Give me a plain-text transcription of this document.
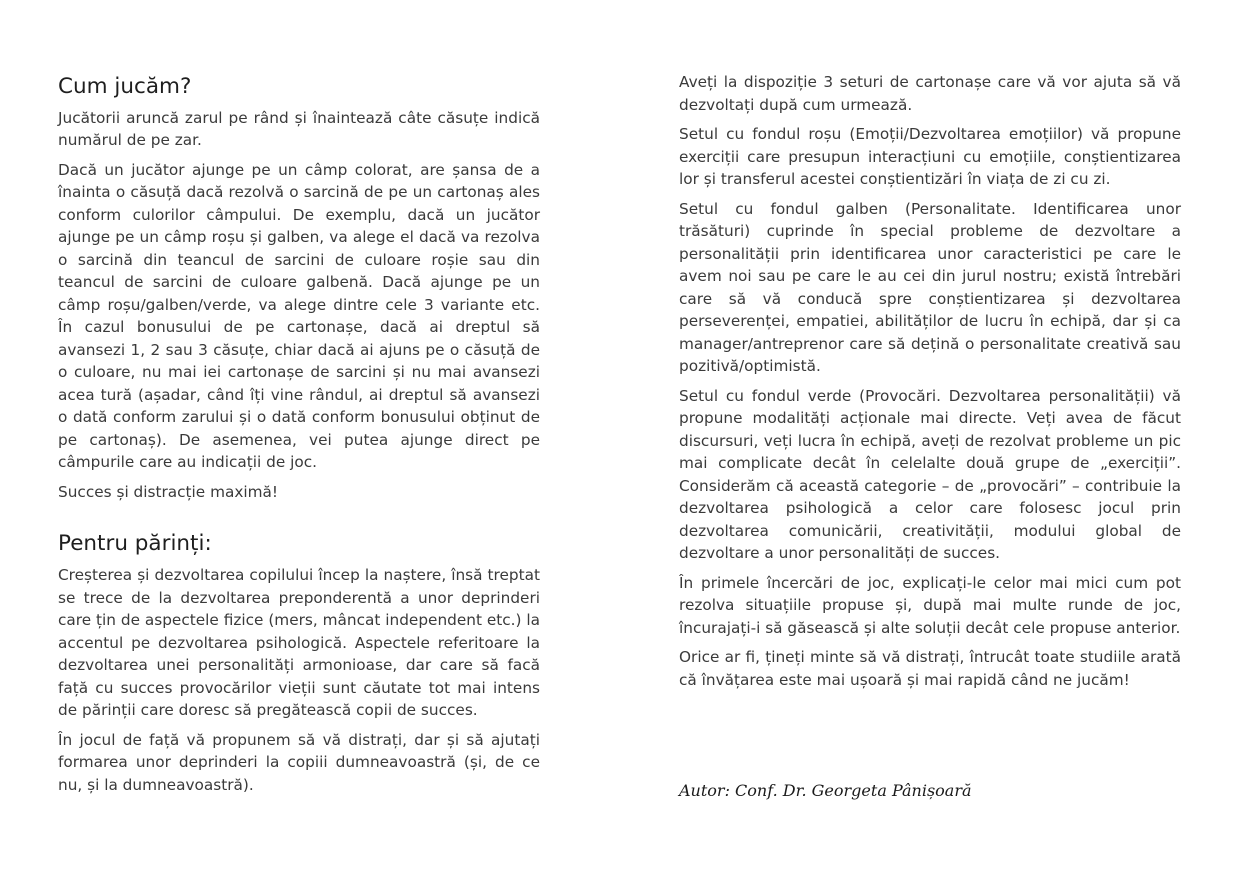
Cum jucăm?

Jucătorii aruncă zarul pe rând și înaintează câte căsuțe indică numărul de pe zar.

Dacă un jucător ajunge pe un câmp colorat, are șansa de a înainta o căsuță dacă rezolvă o sarcină de pe un cartonaș ales conform culorilor câmpului. De exemplu, dacă un jucător ajunge pe un câmp roșu și galben, va alege el dacă va rezolva o sarcină din teancul de sarcini de culoare roșie sau din teancul de sarcini de culoare galbenă. Dacă ajunge pe un câmp roșu/galben/verde, va alege dintre cele 3 variante etc. În cazul bonusului de pe cartonașe, dacă ai dreptul să avansezi 1, 2 sau 3 căsuțe, chiar dacă ai ajuns pe o căsuță de o culoare, nu mai iei cartonașe de sarcini și nu mai avansezi acea tură (așadar, când îți vine rândul, ai dreptul să avansezi o dată conform zarului și o dată conform bonusului obținut de pe cartonaș). De asemenea, vei putea ajunge direct pe câmpurile care au indicații de joc.

Succes și distracție maximă!

Pentru părinți:

Creșterea și dezvoltarea copilului încep la naștere, însă treptat se trece de la dezvoltarea preponderentă a unor deprinderi care țin de aspectele fizice (mers, mâncat independent etc.) la accentul pe dezvoltarea psihologică. Aspectele referitoare la dezvoltarea unei personalități armonioase, dar care să facă față cu succes provocărilor vieții sunt căutate tot mai intens de părinții care doresc să pregătească copii de succes.

În jocul de față vă propunem să vă distrați, dar și să ajutați formarea unor deprinderi la copiii dumneavoastră (și, de ce nu, și la dumneavoastră).

Aveți la dispoziție 3 seturi de cartonașe care vă vor ajuta să vă dezvoltați după cum urmează.

Setul cu fondul roșu (Emoții/Dezvoltarea emoțiilor) vă propune exerciții care presupun interacțiuni cu emoțiile, conștientizarea lor și transferul acestei conștientizări în viața de zi cu zi.

Setul cu fondul galben (Personalitate. Identificarea unor trăsături) cuprinde în special probleme de dezvoltare a personalității prin identificarea unor caracteristici pe care le avem noi sau pe care le au cei din jurul nostru; există întrebări care să vă conducă spre conștientizarea și dezvoltarea perseverenței, empatiei, abilităților de lucru în echipă, dar și ca manager/antreprenor care să dețină o personalitate creativă sau pozitivă/optimistă.

Setul cu fondul verde (Provocări. Dezvoltarea personalității) vă propune modalități acționale mai directe. Veți avea de făcut discursuri, veți lucra în echipă, aveți de rezolvat probleme un pic mai complicate decât în celelalte două grupe de „exerciții”. Considerăm că această categorie – de „provocări” – contribuie la dezvoltarea psihologică a celor care folosesc jocul prin dezvoltarea comunicării, creativității, modului global de dezvoltare a unor personalități de succes.

În primele încercări de joc, explicați-le celor mai mici cum pot rezolva situațiile propuse și, după mai multe runde de joc, încurajați-i să găsească și alte soluții decât cele propuse anterior.

Orice ar fi, țineți minte să vă distrați, întrucât toate studiile arată că învățarea este mai ușoară și mai rapidă când ne jucăm!

Autor: Conf. Dr. Georgeta Pânișoară
